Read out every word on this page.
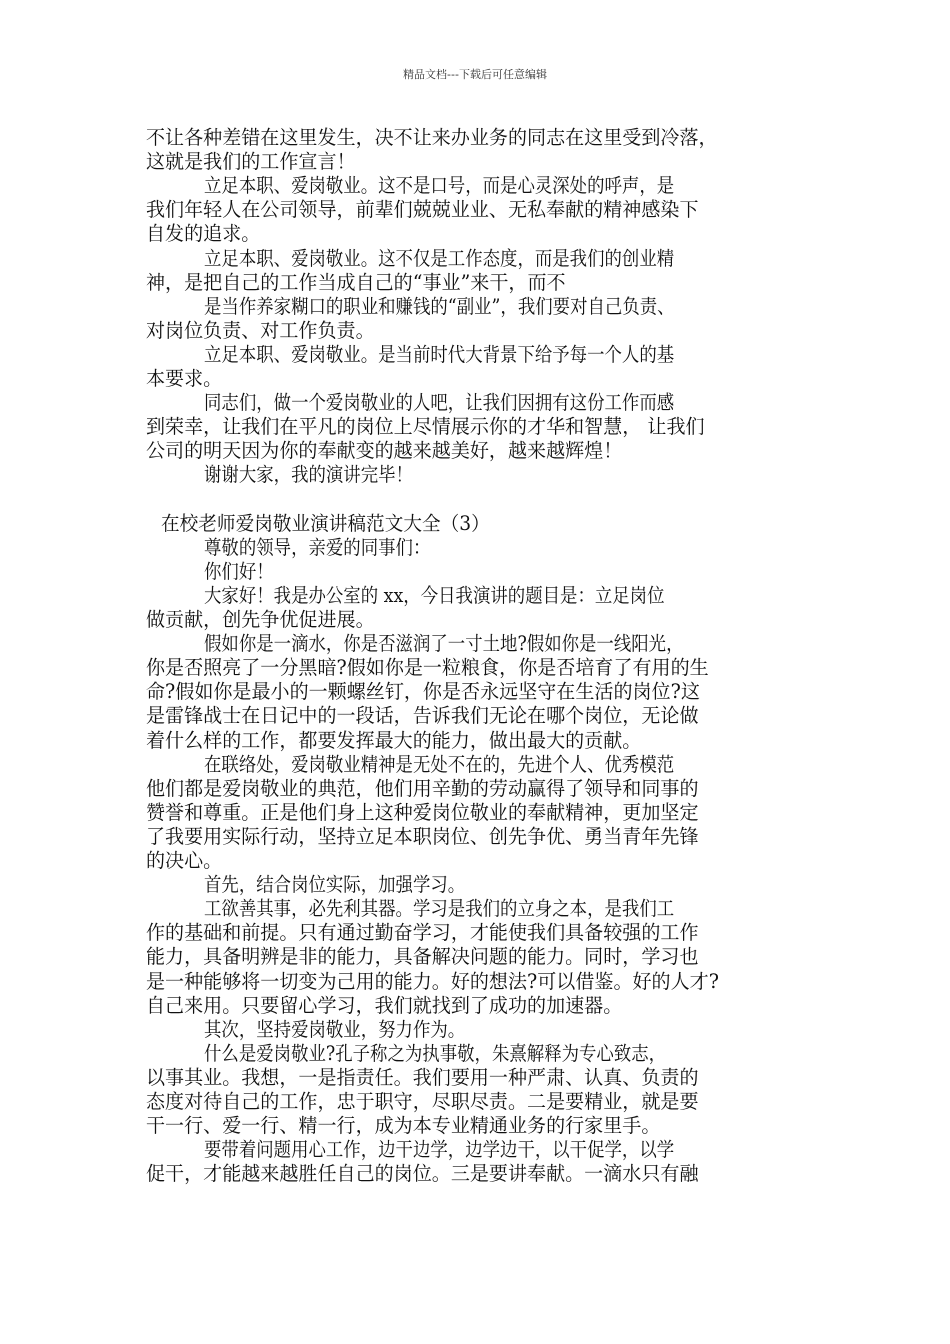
精品文档---下载后可任意编辑
不让各种差错在这里发生，决不让来办业务的同志在这里受到冷落，
这就是我们的工作宣言！
立足本职、爱岗敬业。这不是口号，而是心灵深处的呼声，是
我们年轻人在公司领导，前辈们兢兢业业、无私奉献的精神感染下
自发的追求。
立足本职、爱岗敬业。这不仅是工作态度，而是我们的创业精
神，是把自己的工作当成自己的“事业”来干，而不
是当作养家糊口的职业和赚钱的“副业”，我们要对自己负责、
对岗位负责、对工作负责。
立足本职、爱岗敬业。是当前时代大背景下给予每一个人的基
本要求。
同志们，做一个爱岗敬业的人吧，让我们因拥有这份工作而感
到荣幸，让我们在平凡的岗位上尽情展示你的才华和智慧， 让我们
公司的明天因为你的奉献变的越来越美好，越来越辉煌！
谢谢大家，我的演讲完毕！
在校老师爱岗敬业演讲稿范文大全（3）
尊敬的领导，亲爱的同事们：
你们好！
大家好！我是办公室的 xx，今日我演讲的题目是：立足岗位
做贡献，创先争优促进展。
假如你是一滴水，你是否滋润了一寸土地?假如你是一线阳光，
你是否照亮了一分黑暗?假如你是一粒粮食，你是否培育了有用的生
命?假如你是最小的一颗螺丝钉，你是否永远坚守在生活的岗位?这
是雷锋战士在日记中的一段话，告诉我们无论在哪个岗位，无论做
着什么样的工作，都要发挥最大的能力，做出最大的贡献。
在联络处，爱岗敬业精神是无处不在的，先进个人、优秀模范
他们都是爱岗敬业的典范，他们用辛勤的劳动赢得了领导和同事的
赞誉和尊重。正是他们身上这种爱岗位敬业的奉献精神，更加坚定
了我要用实际行动，坚持立足本职岗位、创先争优、勇当青年先锋
的决心。
首先，结合岗位实际，加强学习。
工欲善其事，必先利其器。学习是我们的立身之本，是我们工
作的基础和前提。只有通过勤奋学习，才能使我们具备较强的工作
能力，具备明辨是非的能力，具备解决问题的能力。同时，学习也
是一种能够将一切变为己用的能力。好的想法?可以借鉴。好的人才?
自己来用。只要留心学习，我们就找到了成功的加速器。
其次，坚持爱岗敬业，努力作为。
什么是爱岗敬业?孔子称之为执事敬，朱熹解释为专心致志，
以事其业。我想，一是指责任。我们要用一种严肃、认真、负责的
态度对待自己的工作，忠于职守，尽职尽责。二是要精业，就是要
干一行、爱一行、精一行，成为本专业精通业务的行家里手。
要带着问题用心工作，边干边学，边学边干，以干促学，以学
促干，才能越来越胜任自己的岗位。三是要讲奉献。一滴水只有融
